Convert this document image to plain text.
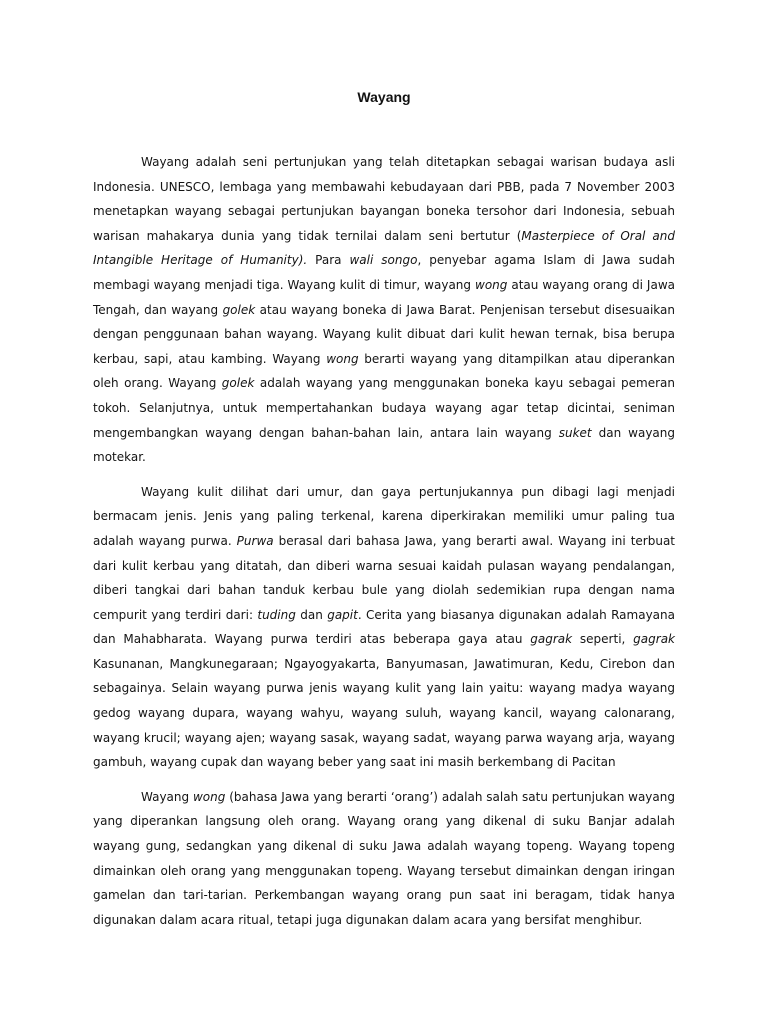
Wayang

Wayang adalah seni pertunjukan yang telah ditetapkan sebagai warisan budaya asli Indonesia. UNESCO, lembaga yang membawahi kebudayaan dari PBB, pada 7 November 2003 menetapkan wayang sebagai pertunjukan bayangan boneka tersohor dari Indonesia, sebuah warisan mahakarya dunia yang tidak ternilai dalam seni bertutur (Masterpiece of Oral and Intangible Heritage of Humanity). Para wali songo, penyebar agama Islam di Jawa sudah membagi wayang menjadi tiga. Wayang kulit di timur, wayang wong atau wayang orang di Jawa Tengah, dan wayang golek atau wayang boneka di Jawa Barat. Penjenisan tersebut disesuaikan dengan penggunaan bahan wayang. Wayang kulit dibuat dari kulit hewan ternak, bisa berupa kerbau, sapi, atau kambing. Wayang wong berarti wayang yang ditampilkan atau diperankan oleh orang. Wayang golek adalah wayang yang menggunakan boneka kayu sebagai pemeran tokoh. Selanjutnya, untuk mempertahankan budaya wayang agar tetap dicintai, seniman mengembangkan wayang dengan bahan-bahan lain, antara lain wayang suket dan wayang motekar.

Wayang kulit dilihat dari umur, dan gaya pertunjukannya pun dibagi lagi menjadi bermacam jenis. Jenis yang paling terkenal, karena diperkirakan memiliki umur paling tua adalah wayang purwa. Purwa berasal dari bahasa Jawa, yang berarti awal. Wayang ini terbuat dari kulit kerbau yang ditatah, dan diberi warna sesuai kaidah pulasan wayang pendalangan, diberi tangkai dari bahan tanduk kerbau bule yang diolah sedemikian rupa dengan nama cempurit yang terdiri dari: tuding dan gapit. Cerita yang biasanya digunakan adalah Ramayana dan Mahabharata. Wayang purwa terdiri atas beberapa gaya atau gagrak seperti, gagrak Kasunanan, Mangkunegaraan; Ngayogyakarta, Banyumasan, Jawatimuran, Kedu, Cirebon dan sebagainya. Selain wayang purwa jenis wayang kulit yang lain yaitu: wayang madya wayang gedog wayang dupara, wayang wahyu, wayang suluh, wayang kancil, wayang calonarang, wayang krucil; wayang ajen; wayang sasak, wayang sadat, wayang parwa wayang arja, wayang gambuh, wayang cupak dan wayang beber yang saat ini masih berkembang di Pacitan

Wayang wong (bahasa Jawa yang berarti ‘orang’) adalah salah satu pertunjukan wayang yang diperankan langsung oleh orang. Wayang orang yang dikenal di suku Banjar adalah wayang gung, sedangkan yang dikenal di suku Jawa adalah wayang topeng. Wayang topeng dimainkan oleh orang yang menggunakan topeng. Wayang tersebut dimainkan dengan iringan gamelan dan tari-tarian. Perkembangan wayang orang pun saat ini beragam, tidak hanya digunakan dalam acara ritual, tetapi juga digunakan dalam acara yang bersifat menghibur.
